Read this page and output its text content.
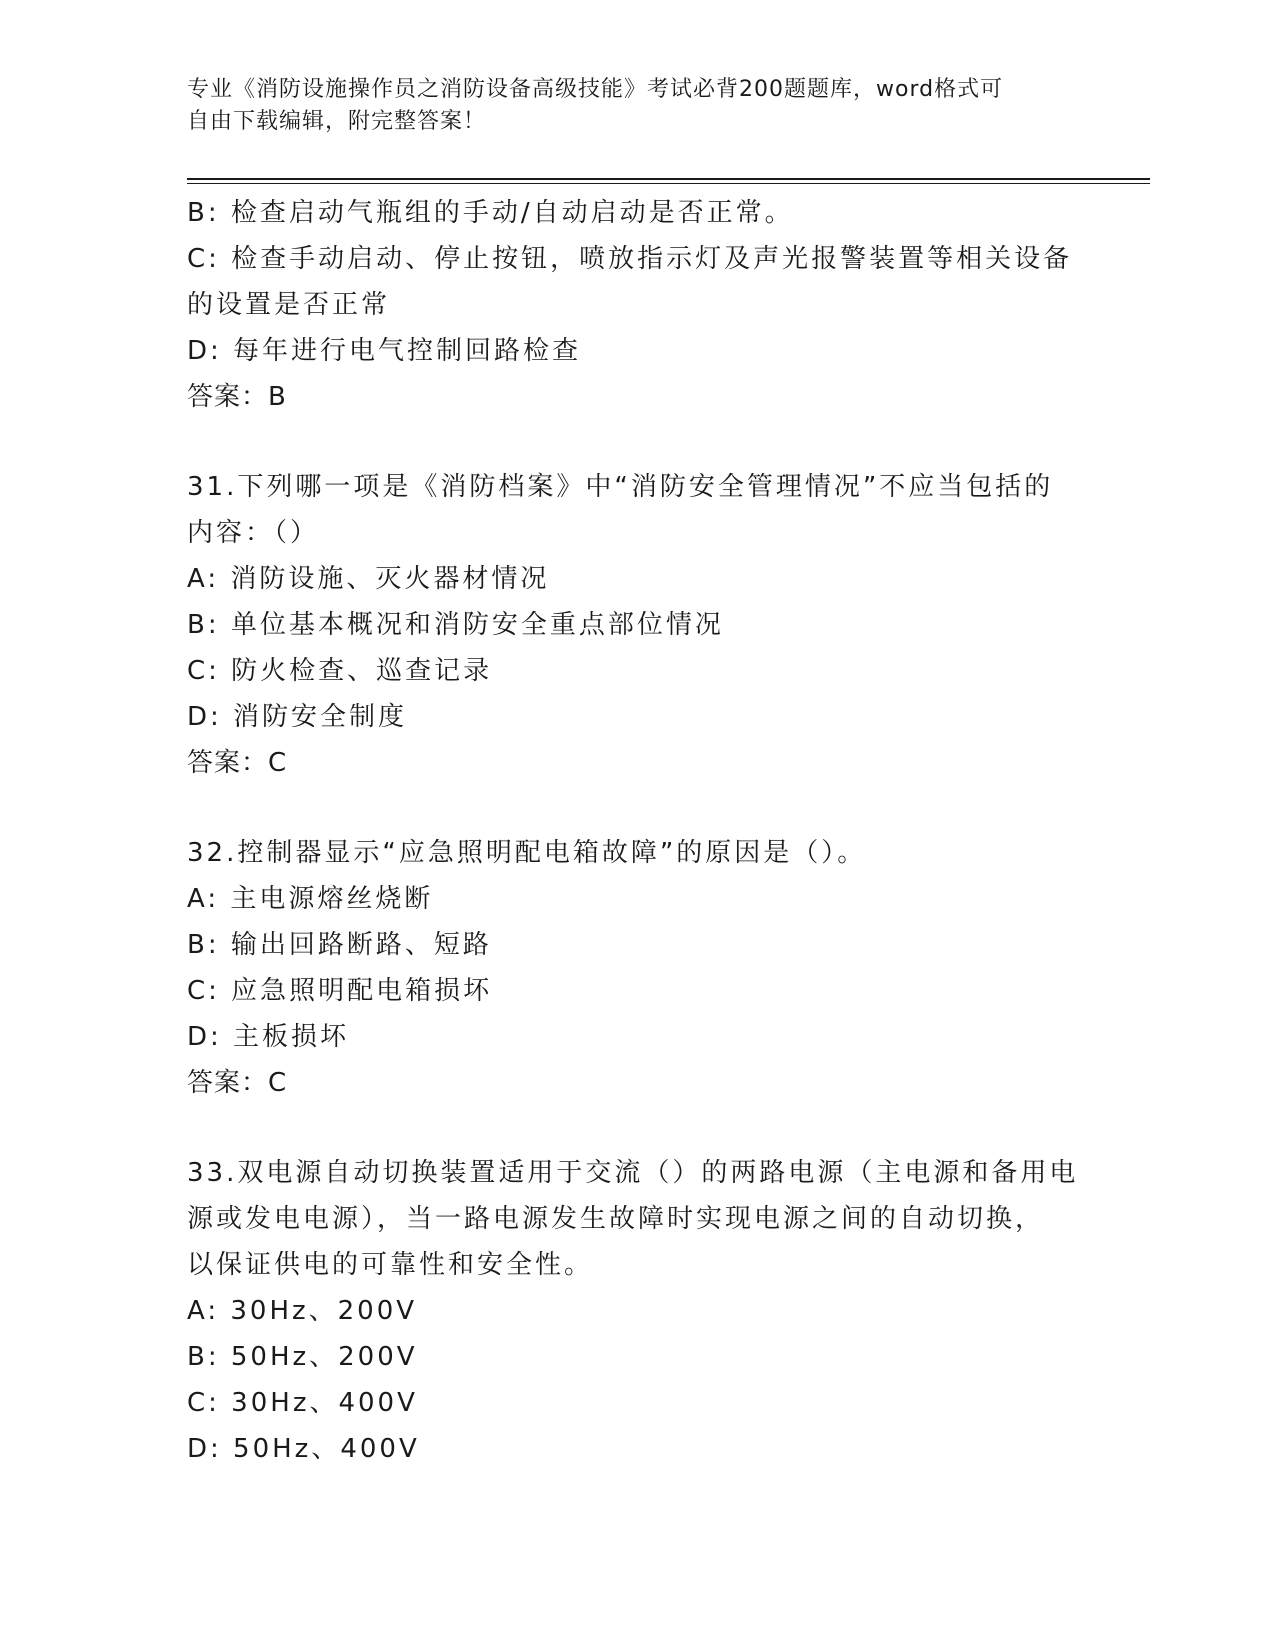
专业《消防设施操作员之消防设备高级技能》考试必背200题题库，word格式可
自由下载编辑，附完整答案！
B: 检查启动气瓶组的手动/自动启动是否正常。
C: 检查手动启动、停止按钮，喷放指示灯及声光报警装置等相关设备
的设置是否正常
D: 每年进行电气控制回路检查
答案：B
31.下列哪一项是《消防档案》中“消防安全管理情况”不应当包括的
内容：（）
A: 消防设施、灭火器材情况
B: 单位基本概况和消防安全重点部位情况
C: 防火检查、巡查记录
D: 消防安全制度
答案：C
32.控制器显示“应急照明配电箱故障”的原因是（）。
A: 主电源熔丝烧断
B: 输出回路断路、短路
C: 应急照明配电箱损坏
D: 主板损坏
答案：C
33.双电源自动切换装置适用于交流（）的两路电源（主电源和备用电
源或发电电源），当一路电源发生故障时实现电源之间的自动切换，
以保证供电的可靠性和安全性。
A: 30Hz、200V
B: 50Hz、200V
C: 30Hz、400V
D: 50Hz、400V
